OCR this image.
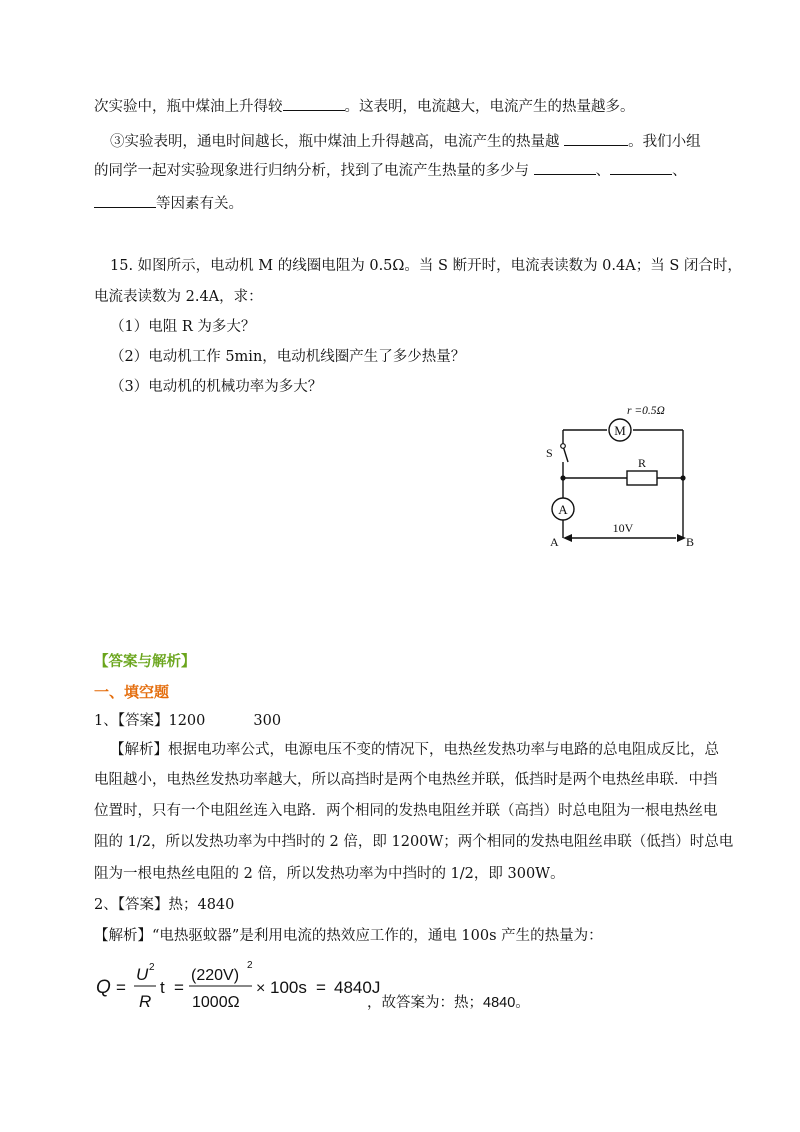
次实验中，瓶中煤油上升得较	。这表明，电流越大，电流产生的热量越多。
③实验表明，通电时间越长，瓶中煤油上升得越高，电流产生的热量越	。我们小组
的同学一起对实验现象进行归纳分析，找到了电流产生热量的多少与	、	、
等因素有关。
15. 如图所示，电动机 M 的线圈电阻为 0.5Ω。当 S 断开时，电流表读数为 0.4A；当 S 闭合时，
电流表读数为 2.4A，求：
（1）电阻 R 为多大？
（2）电动机工作 5min，电动机线圈产生了多少热量？
（3）电动机的机械功率为多大？
M
r =0.5Ω
R
S
A
10V
A	B
【答案与解析】
一、填空题
1、【答案】1200	300
【解析】根据电功率公式，电源电压不变的情况下，电热丝发热功率与电路的总电阻成反比，总
电阻越小，电热丝发热功率越大，所以高挡时是两个电热丝并联，低挡时是两个电热丝串联．中挡
位置时，只有一个电阻丝连入电路．两个相同的发热电阻丝并联（高挡）时总电阻为一根电热丝电
阻的 1/2，所以发热功率为中挡时的 2 倍，即 1200W；两个相同的发热电阻丝串联（低挡）时总电
阻为一根电热丝电阻的 2 倍，所以发热功率为中挡时的 1/2，即 300W。
2、【答案】热；4840
【解析】“电热驱蚊器”是利用电流的热效应工作的，通电 100s 产生的热量为：
Q =
U 2
R
t =
(220V)
2
1000Ω
× 100s = 4840J
，故答案为：热；4840。
